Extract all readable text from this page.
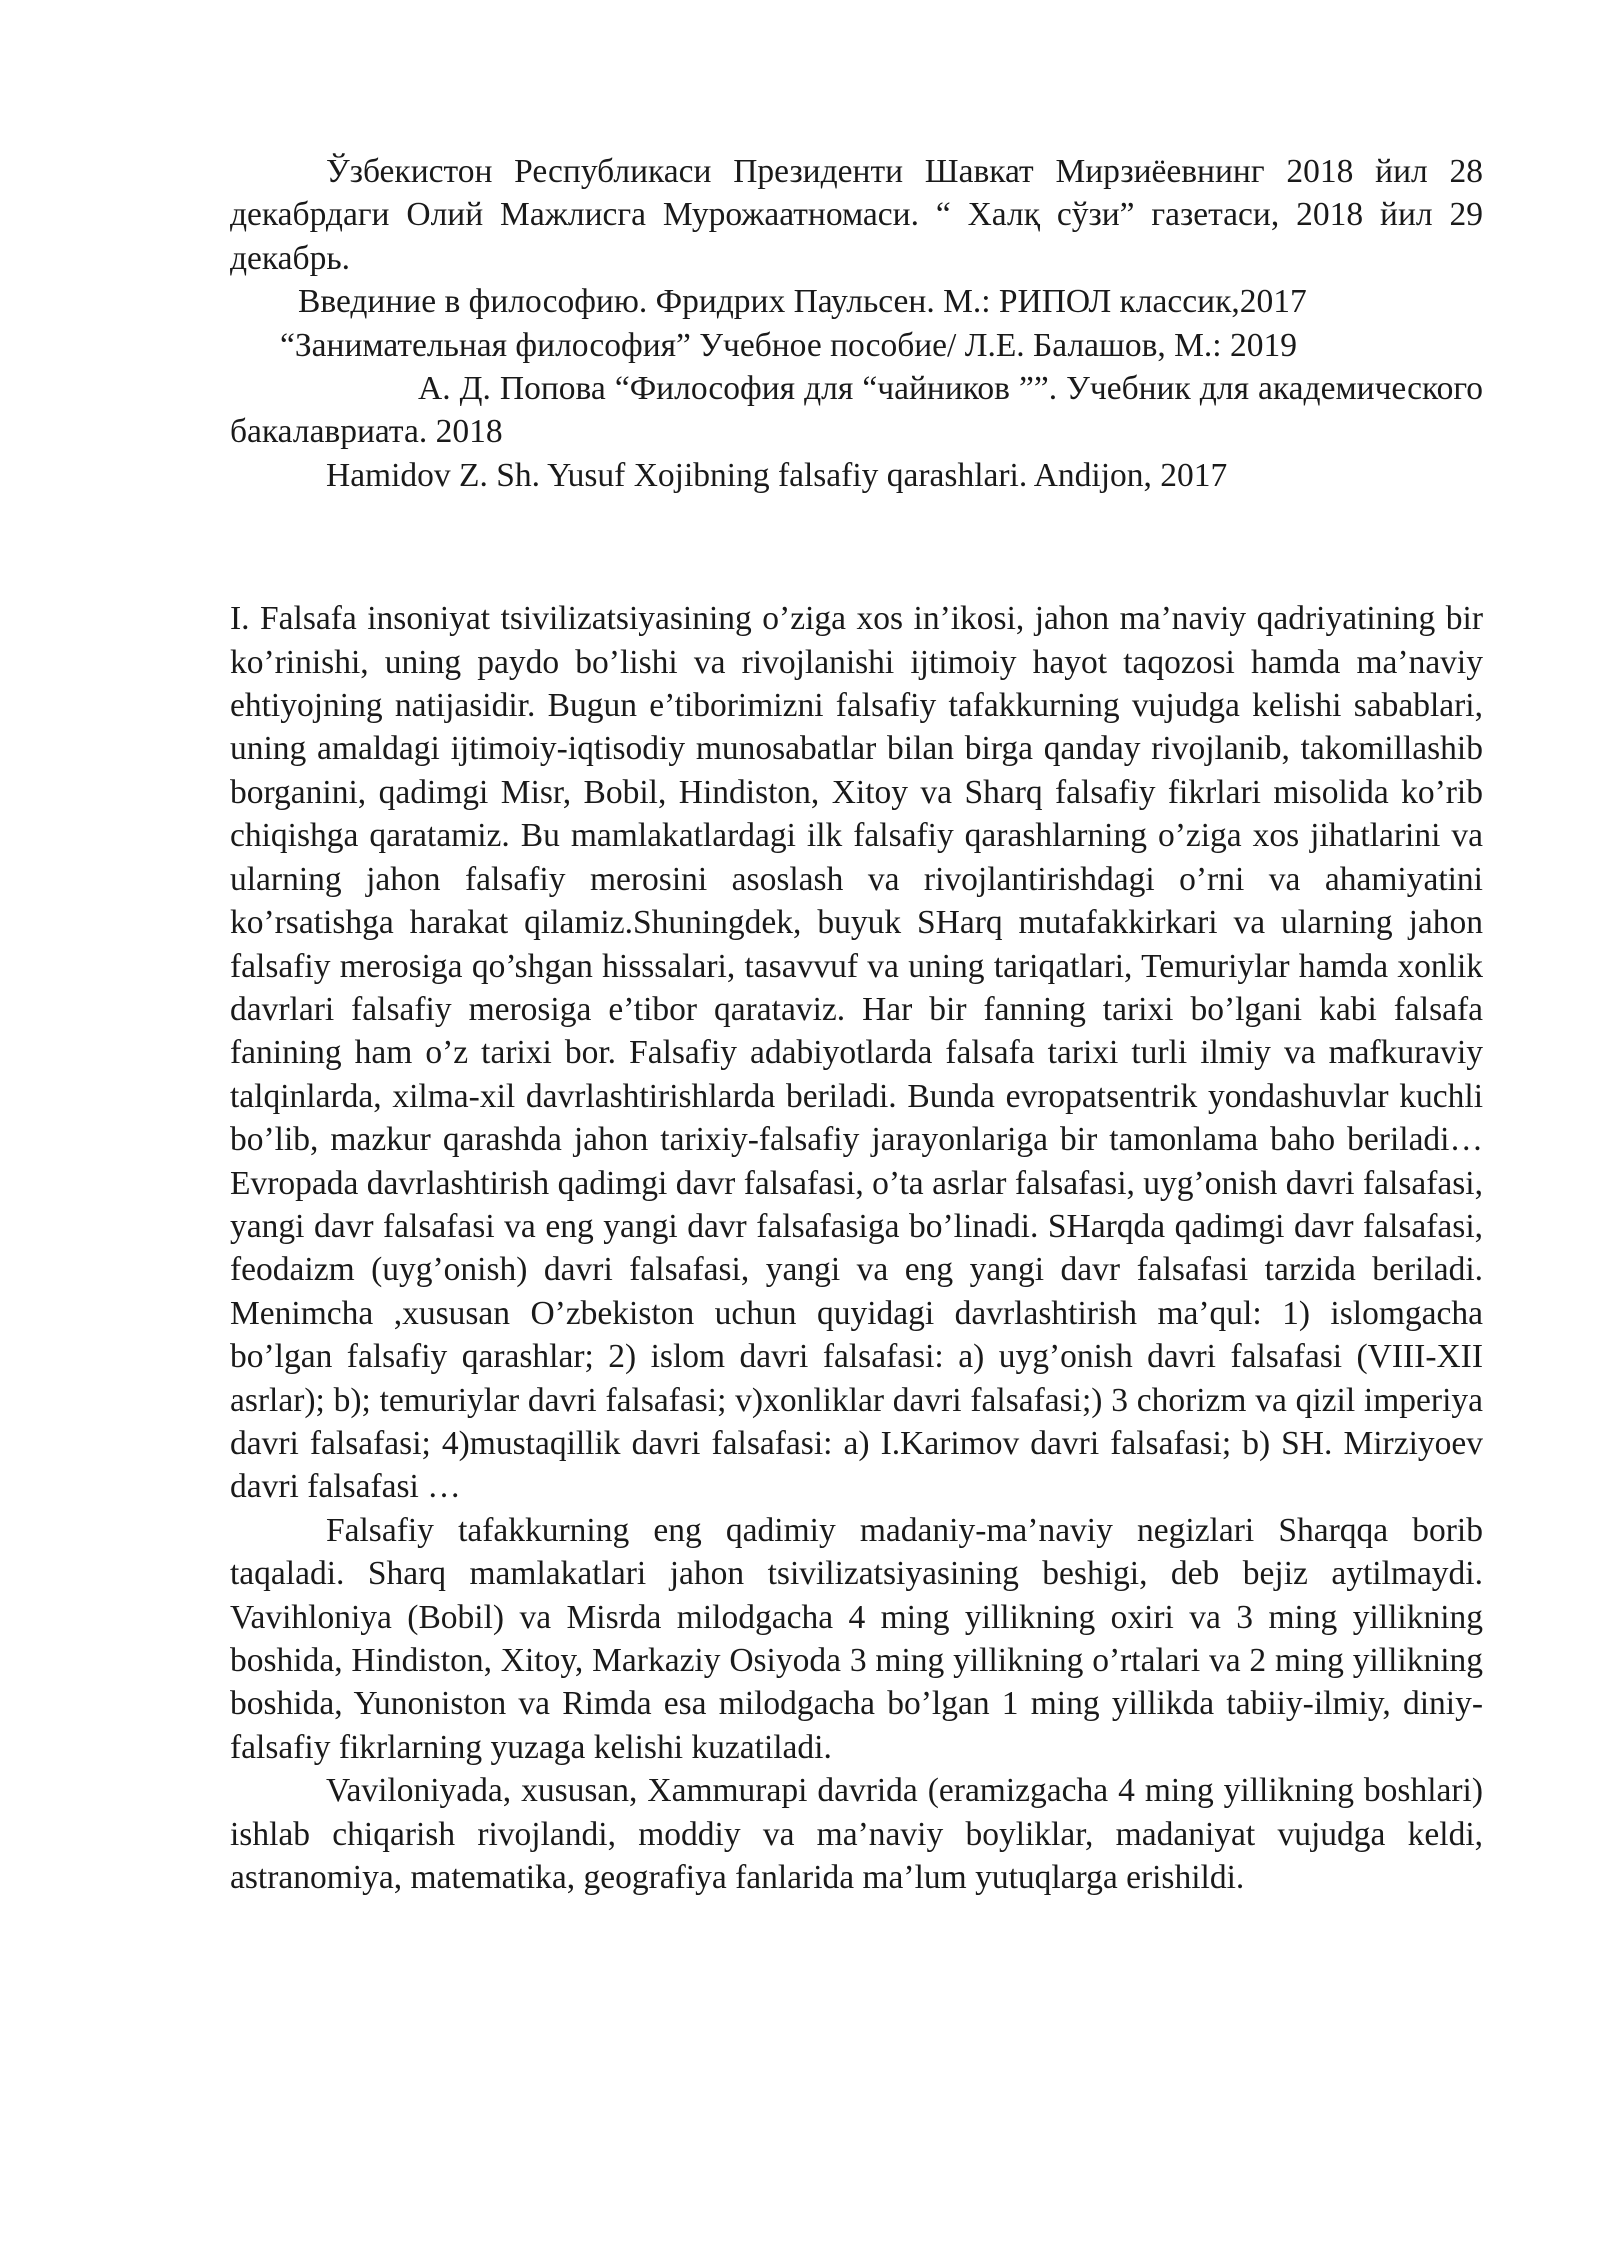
Ўзбекистон Республикаси Президенти Шавкат Мирзиёевнинг 2018 йил 28 декабрдаги Олий Мажлисга Мурожаатномаси. “ Халқ сўзи” газетаси, 2018 йил 29 декабрь.

Введиние в философию. Фридрих Паульсен. М.: РИПОЛ классик,2017

“Занимательная философия” Учебное пособие/ Л.Е. Балашов, М.: 2019

А. Д. Попова “Философия для “чайников ””. Учебник для академического бакалавриата. 2018

Hamidov Z. Sh. Yusuf Xojibning falsafiy qarashlari. Andijon, 2017

I. Falsafa insoniyat tsivilizatsiyasining o’ziga xos in’ikosi, jahon ma’naviy qadriyatining bir ko’rinishi, uning paydo bo’lishi va rivojlanishi ijtimoiy hayot taqozosi hamda ma’naviy ehtiyojning natijasidir. Bugun e’tiborimizni falsafiy tafakkurning vujudga kelishi sabablari, uning amaldagi ijtimoiy-iqtisodiy munosabatlar bilan birga qanday rivojlanib, takomillashib borganini, qadimgi Misr, Bobil, Hindiston, Xitoy va Sharq falsafiy fikrlari misolida ko’rib chiqishga qaratamiz. Bu mamlakatlardagi ilk falsafiy qarashlarning o’ziga xos jihatlarini va ularning jahon falsafiy merosini asoslash va rivojlantirishdagi o’rni va ahamiyatini ko’rsatishga harakat qilamiz.Shuningdek, buyuk SHarq mutafakkirkari va ularning jahon falsafiy merosiga qo’shgan hisssalari, tasavvuf va uning tariqatlari, Temuriylar hamda xonlik davrlari falsafiy merosiga e’tibor qarataviz. Har bir fanning tarixi bo’lgani kabi falsafa fanining ham o’z tarixi bor. Falsafiy adabiyotlarda falsafa tarixi turli ilmiy va mafkuraviy talqinlarda, xilma-xil davrlashtirishlarda beriladi. Bunda evropatsentrik yondashuvlar kuchli bo’lib, mazkur qarashda jahon tarixiy-falsafiy jarayonlariga bir tamonlama baho beriladi… Evropada davrlashtirish qadimgi davr falsafasi, o’ta asrlar falsafasi, uyg’onish davri falsafasi, yangi davr falsafasi va eng yangi davr falsafasiga bo’linadi. SHarqda qadimgi davr falsafasi, feodaizm (uyg’onish) davri falsafasi, yangi va eng yangi davr falsafasi tarzida beriladi. Menimcha ,xususan O’zbekiston uchun quyidagi davrlashtirish ma’qul: 1) islomgacha bo’lgan falsafiy qarashlar; 2) islom davri falsafasi: a) uyg’onish davri falsafasi (VIII-XII asrlar); b); temuriylar davri falsafasi; v)xonliklar davri falsafasi;) 3 chorizm va qizil imperiya davri falsafasi; 4)mustaqillik davri falsafasi: a) I.Karimov davri falsafasi; b) SH. Mirziyoev davri falsafasi …

Falsafiy tafakkurning eng qadimiy madaniy-ma’naviy negizlari Sharqqa borib taqaladi. Sharq mamlakatlari jahon tsivilizatsiyasining beshigi, deb bejiz aytilmaydi. Vavihloniya (Bobil) va Misrda milodgacha 4 ming yillikning oxiri va 3 ming yillikning boshida, Hindiston, Xitoy, Markaziy Osiyoda 3 ming yillikning o’rtalari va 2 ming yillikning boshida, Yunoniston va Rimda esa milodgacha bo’lgan 1 ming yillikda tabiiy-ilmiy, diniy-falsafiy fikrlarning yuzaga kelishi kuzatiladi.

Vaviloniyada, xususan, Xammurapi davrida (eramizgacha 4 ming yillikning boshlari) ishlab chiqarish rivojlandi, moddiy va ma’naviy boyliklar, madaniyat vujudga keldi, astranomiya, matematika, geografiya fanlarida ma’lum yutuqlarga erishildi.
